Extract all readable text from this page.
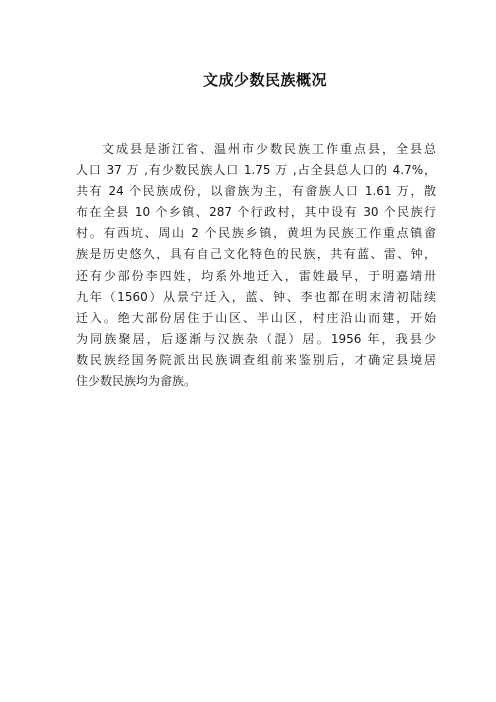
文成少数民族概况
文成县是浙江省、温州市少数民族工作重点县，全县总
人口 37 万 ,有少数民族人口 1.75 万 ,占全县总人口的 4.7%，
共有 24 个民族成份，以畲族为主，有畲族人口 1.61 万，散
布在全县 10 个乡镇、287 个行政村，其中设有 30 个民族行
村。有西坑、周山 2 个民族乡镇，黄坦为民族工作重点镇畲
族是历史悠久，具有自己文化特色的民族，共有蓝、雷、钟，
还有少部份李四姓，均系外地迁入，雷姓最早，于明嘉靖卅
九年（1560）从景宁迁入，蓝、钟、李也都在明末清初陆续
迁入。绝大部份居住于山区、半山区，村庄沿山而建，开始
为同族聚居，后逐渐与汉族杂（混）居。1956 年，我县少
数民族经国务院派出民族调查组前来鉴别后，才确定县境居
住少数民族均为畲族。
